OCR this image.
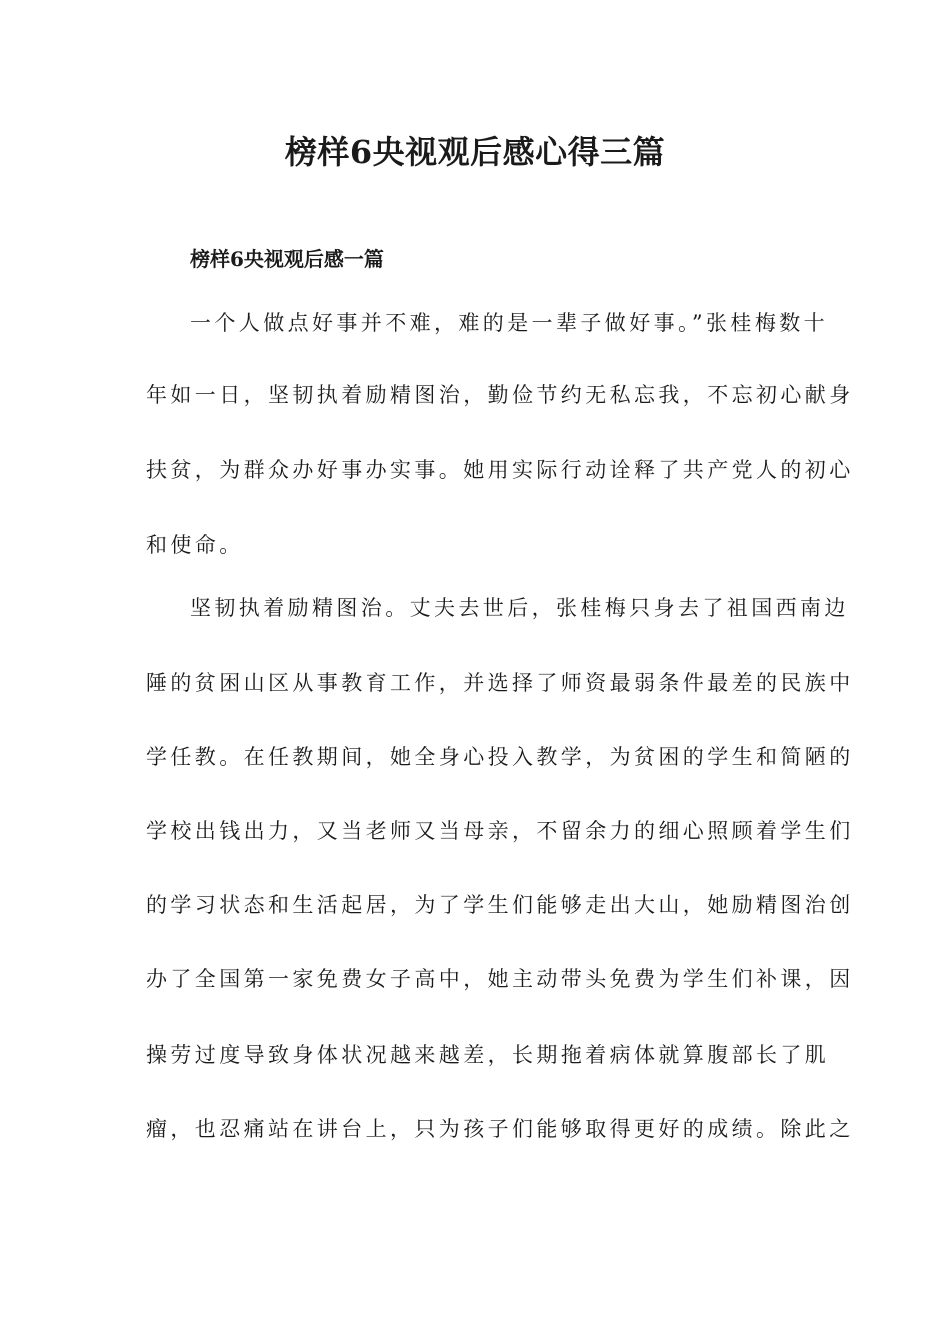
榜样6央视观后感心得三篇
榜样6央视观后感一篇
一个人做点好事并不难，难的是一辈子做好事。”张桂梅数十
年如一日，坚韧执着励精图治，勤俭节约无私忘我，不忘初心献身
扶贫，为群众办好事办实事。她用实际行动诠释了共产党人的初心
和使命。
坚韧执着励精图治。丈夫去世后，张桂梅只身去了祖国西南边
陲的贫困山区从事教育工作，并选择了师资最弱条件最差的民族中
学任教。在任教期间，她全身心投入教学，为贫困的学生和简陋的
学校出钱出力，又当老师又当母亲，不留余力的细心照顾着学生们
的学习状态和生活起居，为了学生们能够走出大山，她励精图治创
办了全国第一家免费女子高中，她主动带头免费为学生们补课，因
操劳过度导致身体状况越来越差，长期拖着病体就算腹部长了肌
瘤，也忍痛站在讲台上，只为孩子们能够取得更好的成绩。除此之
